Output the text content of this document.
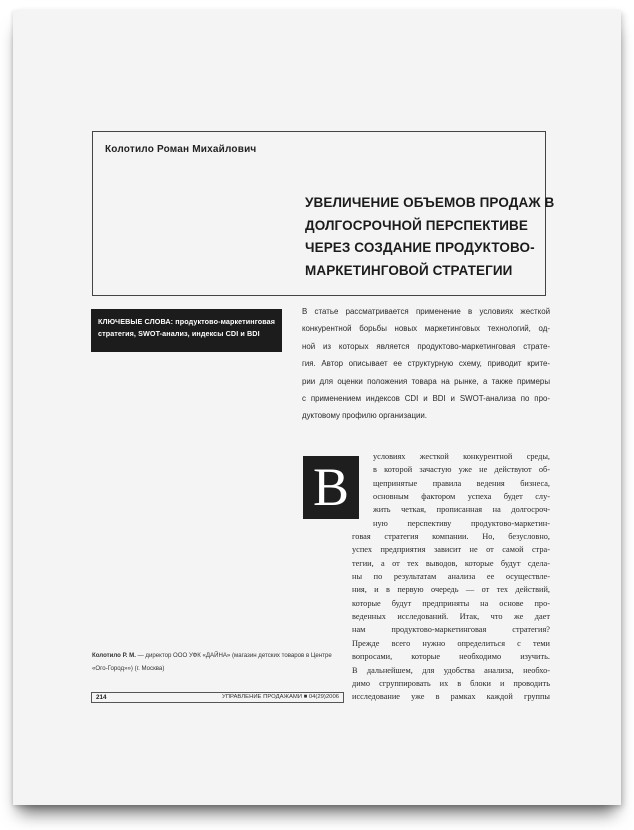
Колотило Роман Михайлович
УВЕЛИЧЕНИЕ ОБЪЕМОВ ПРОДАЖ В
ДОЛГОСРОЧНОЙ ПЕРСПЕКТИВЕ
ЧЕРЕЗ СОЗДАНИЕ ПРОДУКТОВО-
МАРКЕТИНГОВОЙ СТРАТЕГИИ
КЛЮЧЕВЫЕ СЛОВА: продуктово-маркетинговая
стратегия, SWOT-анализ, индексы CDI и BDI
В статье рассматривается применение в условиях жесткой
конкурентной борьбы новых маркетинговых технологий, од-
ной из которых является продуктово-маркетинговая страте-
гия. Автор описывает ее структурную схему, приводит крите-
рии для оценки положения товара на рынке, а также примеры
с применением индексов CDI и BDI и SWOT-анализа по про-
дуктовому профилю организации.
В
условиях жесткой конкурентной среды,
в которой зачастую уже не действуют об-
щепринятые правила ведения бизнеса,
основным фактором успеха будет слу-
жить четкая, прописанная на долгосроч-
ную перспективу продуктово-маркетин-
говая стратегия компании. Но, безусловно,
успех предприятия зависит не от самой стра-
тегии, а от тех выводов, которые будут сдела-
ны по результатам анализа ее осуществле-
ния, и в первую очередь — от тех действий,
которые будут предприняты на основе про-
веденных исследований. Итак, что же дает
нам продуктово-маркетинговая стратегия?
Прежде всего нужно определиться с теми
вопросами, которые необходимо изучить.
В дальнейшем, для удобства анализа, необхо-
димо сгруппировать их в блоки и проводить
исследование уже в рамках каждой группы
Колотило Р. М. — директор ООО УФК «ДАЙНА» (магазин детских товаров в Центре
«Ого-Город»») (г. Москва)
214	УПРАВЛЕНИЕ ПРОДАЖАМИ ■ 04(29)2006
